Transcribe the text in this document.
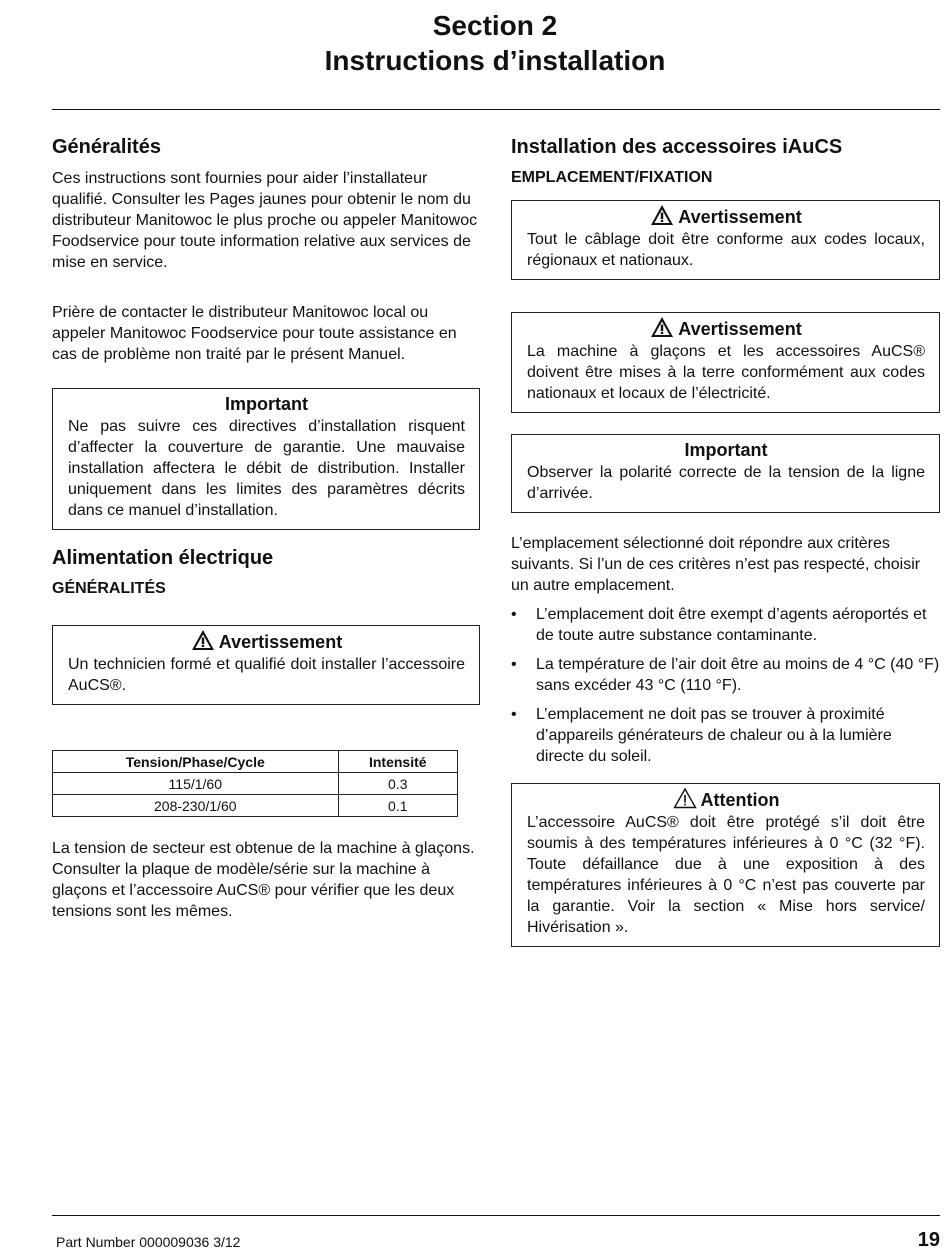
Section 2
Instructions d’installation
Généralités

Ces instructions sont fournies pour aider l’installateur qualifié. Consulter les Pages jaunes pour obtenir le nom du distributeur Manitowoc le plus proche ou appeler Manitowoc Foodservice pour toute information relative aux services de mise en service.

Prière de contacter le distributeur Manitowoc local ou appeler Manitowoc Foodservice pour toute assistance en cas de problème non traité par le présent Manuel.

Important
Ne pas suivre ces directives d’installation risquent d’affecter la couverture de garantie. Une mauvaise installation affectera le débit de distribution. Installer uniquement dans les limites des paramètres décrits dans ce manuel d’installation.
Alimentation électrique
GÉNÉRALITÉS
Avertissement
Un technicien formé et qualifié doit installer l’accessoire AuCS®.
Tension/Phase/Cycle	Intensité
115/1/60	0.3
208-230/1/60	0.1

La tension de secteur est obtenue de la machine à glaçons. Consulter la plaque de modèle/série sur la machine à glaçons et l’accessoire AuCS® pour vérifier que les deux tensions sont les mêmes.

Installation des accessoires iAuCS
EMPLACEMENT/FIXATION
Avertissement
Tout le câblage doit être conforme aux codes locaux, régionaux et nationaux.
Avertissement
La machine à glaçons et les accessoires AuCS® doivent être mises à la terre conformément aux codes nationaux et locaux de l’électricité.
Important
Observer la polarité correcte de la tension de la ligne d’arrivée.

L’emplacement sélectionné doit répondre aux critères suivants. Si l’un de ces critères n’est pas respecté, choisir un autre emplacement.

• L’emplacement doit être exempt d’agents aéroportés et de toute autre substance contaminante.
• La température de l’air doit être au moins de 4 °C (40 °F) sans excéder 43 °C (110 °F).
• L’emplacement ne doit pas se trouver à proximité d’appareils générateurs de chaleur ou à la lumière directe du soleil.
Attention
L’accessoire AuCS® doit être protégé s’il doit être soumis à des températures inférieures à 0 °C (32 °F). Toute défaillance due à une exposition à des températures inférieures à 0 °C n’est pas couverte par la garantie. Voir la section « Mise hors service/ Hivérisation ».
Part Number 000009036 3/12	19
